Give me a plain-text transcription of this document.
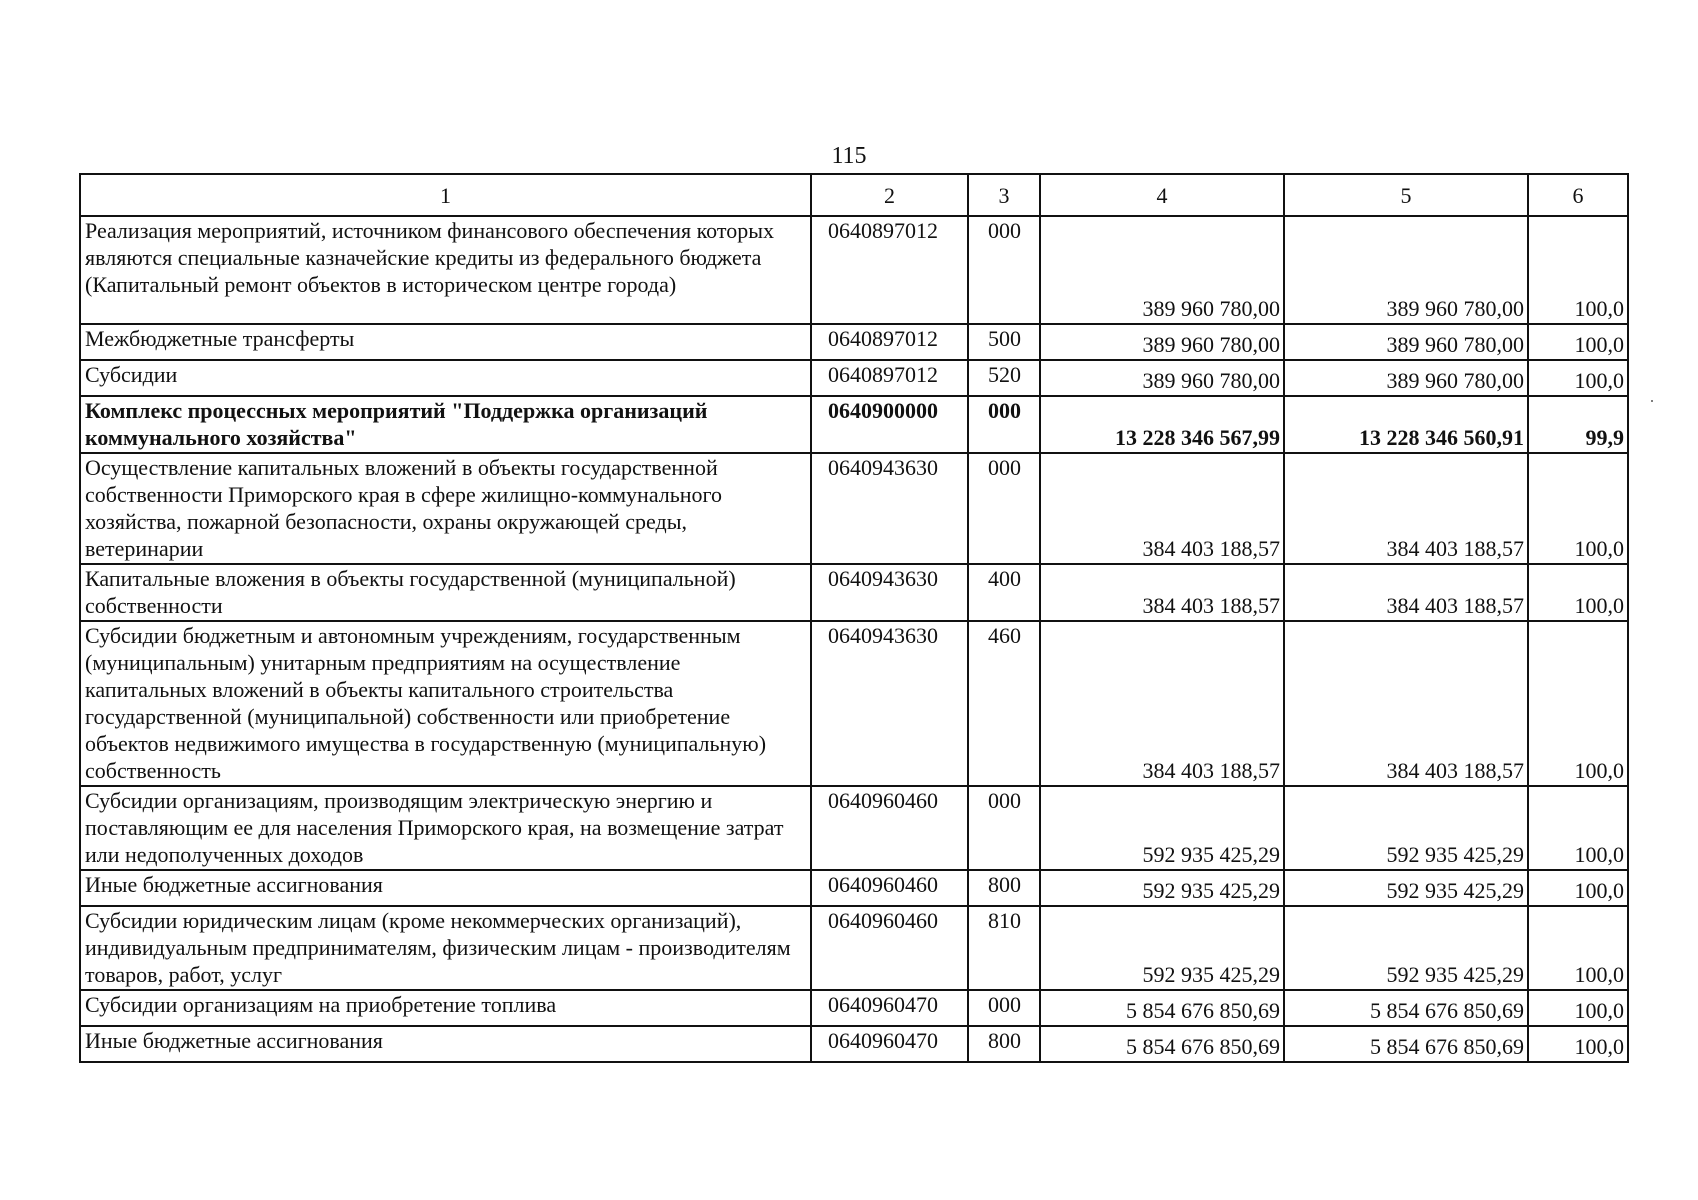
115
1	2	3	4	5	6
Реализация мероприятий, источником финансового обеспечения которых являются специальные казначейские кредиты из федерального бюджета (Капитальный ремонт объектов в историческом центре города)	0640897012	000	389 960 780,00	389 960 780,00	100,0
Межбюджетные трансферты	0640897012	500	389 960 780,00	389 960 780,00	100,0
Субсидии	0640897012	520	389 960 780,00	389 960 780,00	100,0
Комплекс процессных мероприятий "Поддержка организаций коммунального хозяйства"	0640900000	000	13 228 346 567,99	13 228 346 560,91	99,9
Осуществление капитальных вложений в объекты государственной собственности Приморского края в сфере жилищно-коммунального хозяйства, пожарной безопасности, охраны окружающей среды, ветеринарии	0640943630	000	384 403 188,57	384 403 188,57	100,0
Капитальные вложения в объекты государственной (муниципальной) собственности	0640943630	400	384 403 188,57	384 403 188,57	100,0
Субсидии бюджетным и автономным учреждениям, государственным (муниципальным) унитарным предприятиям на осуществление капитальных вложений в объекты капитального строительства государственной (муниципальной) собственности или приобретение объектов недвижимого имущества в государственную (муниципальную) собственность	0640943630	460	384 403 188,57	384 403 188,57	100,0
Субсидии организациям, производящим электрическую энергию и поставляющим ее для населения Приморского края, на возмещение затрат или недополученных доходов	0640960460	000	592 935 425,29	592 935 425,29	100,0
Иные бюджетные ассигнования	0640960460	800	592 935 425,29	592 935 425,29	100,0
Субсидии юридическим лицам (кроме некоммерческих организаций), индивидуальным предпринимателям, физическим лицам - производителям товаров, работ, услуг	0640960460	810	592 935 425,29	592 935 425,29	100,0
Субсидии организациям на приобретение топлива	0640960470	000	5 854 676 850,69	5 854 676 850,69	100,0
Иные бюджетные ассигнования	0640960470	800	5 854 676 850,69	5 854 676 850,69	100,0
